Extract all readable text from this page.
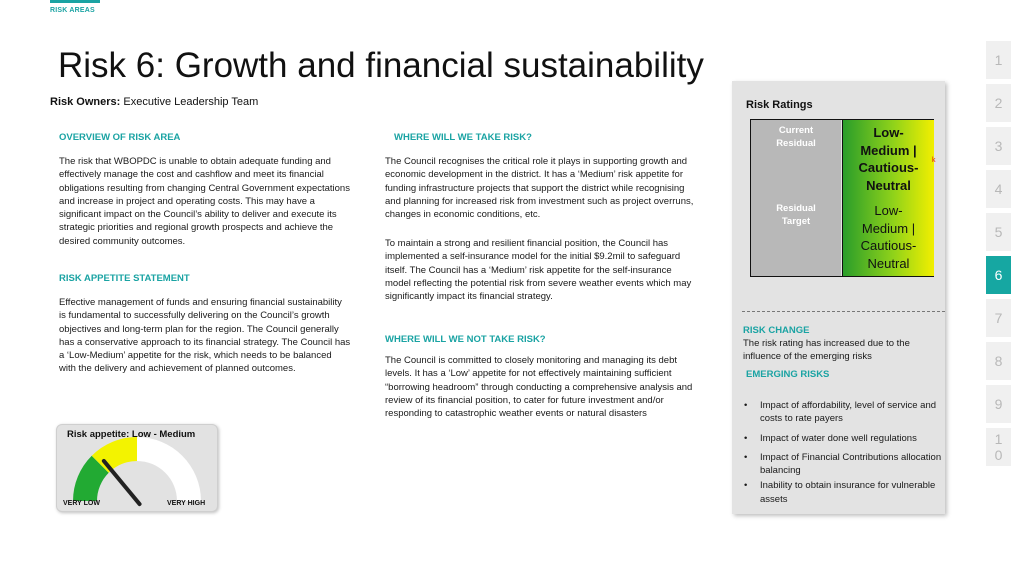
RISK AREAS
Risk 6: Growth and financial sustainability
Risk Owners: Executive Leadership Team
OVERVIEW OF RISK AREA
The risk that WBOPDC is unable to obtain adequate funding and effectively manage the cost and cashflow and meet its financial obligations resulting from changing Central Government expectations and increase in project and operating costs. This may have a significant impact on the Council’s ability to deliver and execute its strategic priorities and regional growth prospects and achieve the desired community outcomes.
RISK APPETITE STATEMENT
Effective management of funds and ensuring financial sustainability is fundamental to successfully delivering on the Council’s growth objectives and long-term plan for the region. The Council generally has a conservative approach to its financial strategy. The Council has a ‘Low-Medium’ appetite for the risk, which needs to be balanced with the delivery and achievement of planned outcomes.
WHERE WILL WE TAKE RISK?
The Council recognises the critical role it plays in supporting growth and economic development in the district. It has a ‘Medium’ risk appetite for funding infrastructure projects that support the district while recognising and planning for increased risk from investment such as project overruns, changes in economic conditions, etc.
To maintain a strong and resilient financial position, the Council has implemented a self-insurance model for the initial $9.2mil to safeguard itself. The Council has a ‘Medium’ risk appetite for the self-insurance model reflecting the potential risk from severe weather events which may significantly impact its financial strategy.
WHERE WILL WE NOT TAKE RISK?
The Council is committed to closely monitoring and managing its debt levels. It has a ‘Low’ appetite for not effectively maintaining sufficient “borrowing headroom” through conducting a comprehensive analysis and review of its financial position, to cater for future investment and/or responding to catastrophic weather events or natural disasters
Risk appetite: Low - Medium
VERY LOW	VERY HIGH
Risk Ratings
Current
Residual
Low-
Medium |
Cautious-
Neutral
Residual
Target
Low-
Medium |
Cautious-
Neutral
k
RISK CHANGE
The risk rating has increased due to the influence of the emerging risks
EMERGING RISKS
• Impact of affordability, level of service and costs to rate payers
• Impact of water done well regulations
• Impact of Financial Contributions allocation balancing
• Inability to obtain insurance for vulnerable assets
1
2
3
4
5
6
7
8
9
1
0
